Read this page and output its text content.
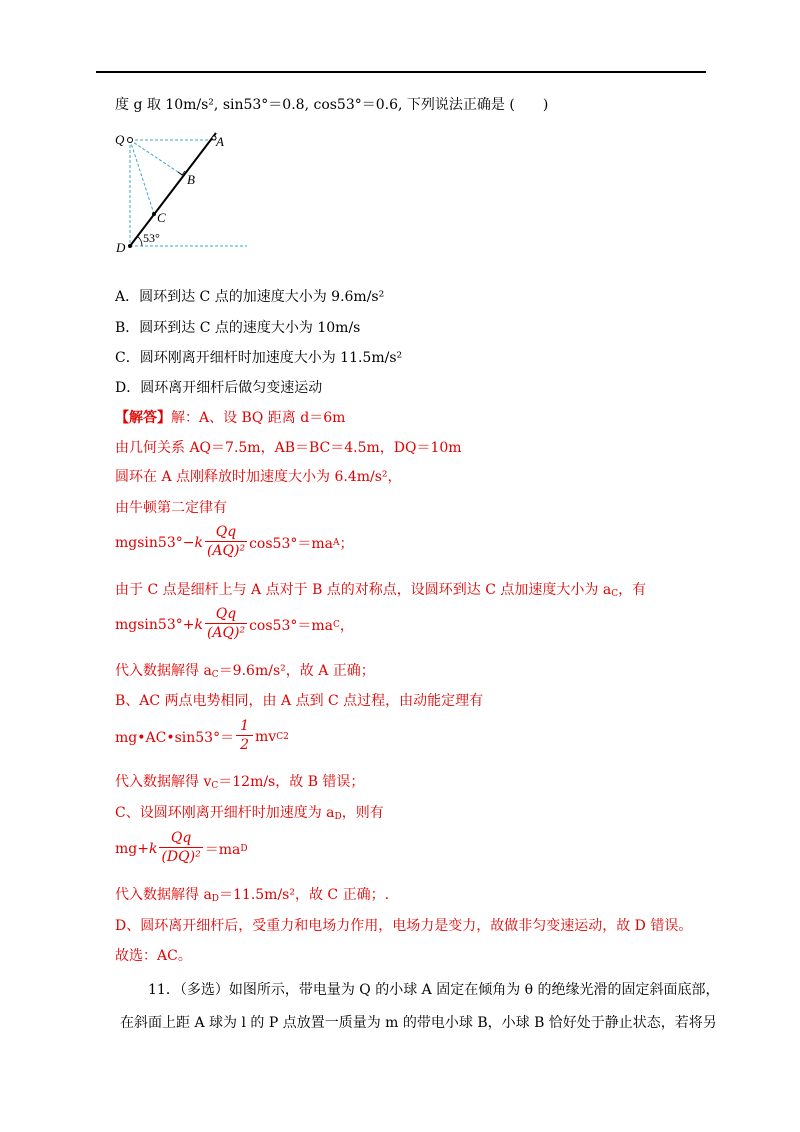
度 g 取 10m/s², sin53°＝0.8, cos53°＝0.6, 下列说法正确是 (　　)
Q	A
B
C
D
53°
A．圆环到达 C 点的加速度大小为 9.6m/s²
B．圆环到达 C 点的速度大小为 10m/s
C．圆环刚离开细杆时加速度大小为 11.5m/s²
D．圆环离开细杆后做匀变速运动
【解答】解：A、设 BQ 距离 d＝6m
由几何关系 AQ＝7.5m，AB＝BC＝4.5m，DQ＝10m
圆环在 A 点刚释放时加速度大小为 6.4m/s²，
由牛顿第二定律有
mgsin53°− k $\frac{Qq}{\text{(AQ)²}} \cos 53^\circ=ma$ A ；
由于 C 点是细杆上与 A 点对于 B 点的对称点，设圆环到达 C 点加速度大小为 $a_C$，有
mgsin53°+ k $\frac{Qq}{\text{(AQ)²}} \cos 53^\circ=ma$ C ，
代入数据解得 $a_C=9.6m/s^2$，故 A 正确；
B、AC 两点电势相同，由 A 点到 C 点过程，由动能定理有
mg•AC•sin53°＝ $\frac{1}{2}$ mv C 2
代入数据解得 $v_C=12m/s$，故 B 错误；
C、设圆环刚离开细杆时加速度为 $a_D$，则有
mg+ k $\frac{Qq}{\text{(DQ)²}} =ma$ D
代入数据解得 $a_D=11.5m/s^2$，故 C 正确；.
D、圆环离开细杆后，受重力和电场力作用，电场力是变力，故做非匀变速运动，故 D 错误。
故选：AC。
11．（多选）如图所示，带电量为 Q 的小球 A 固定在倾角为 θ 的绝缘光滑的固定斜面底部，
在斜面上距 A 球为 l 的 P 点放置一质量为 m 的带电小球 B，小球 B 恰好处于静止状态，若将另
